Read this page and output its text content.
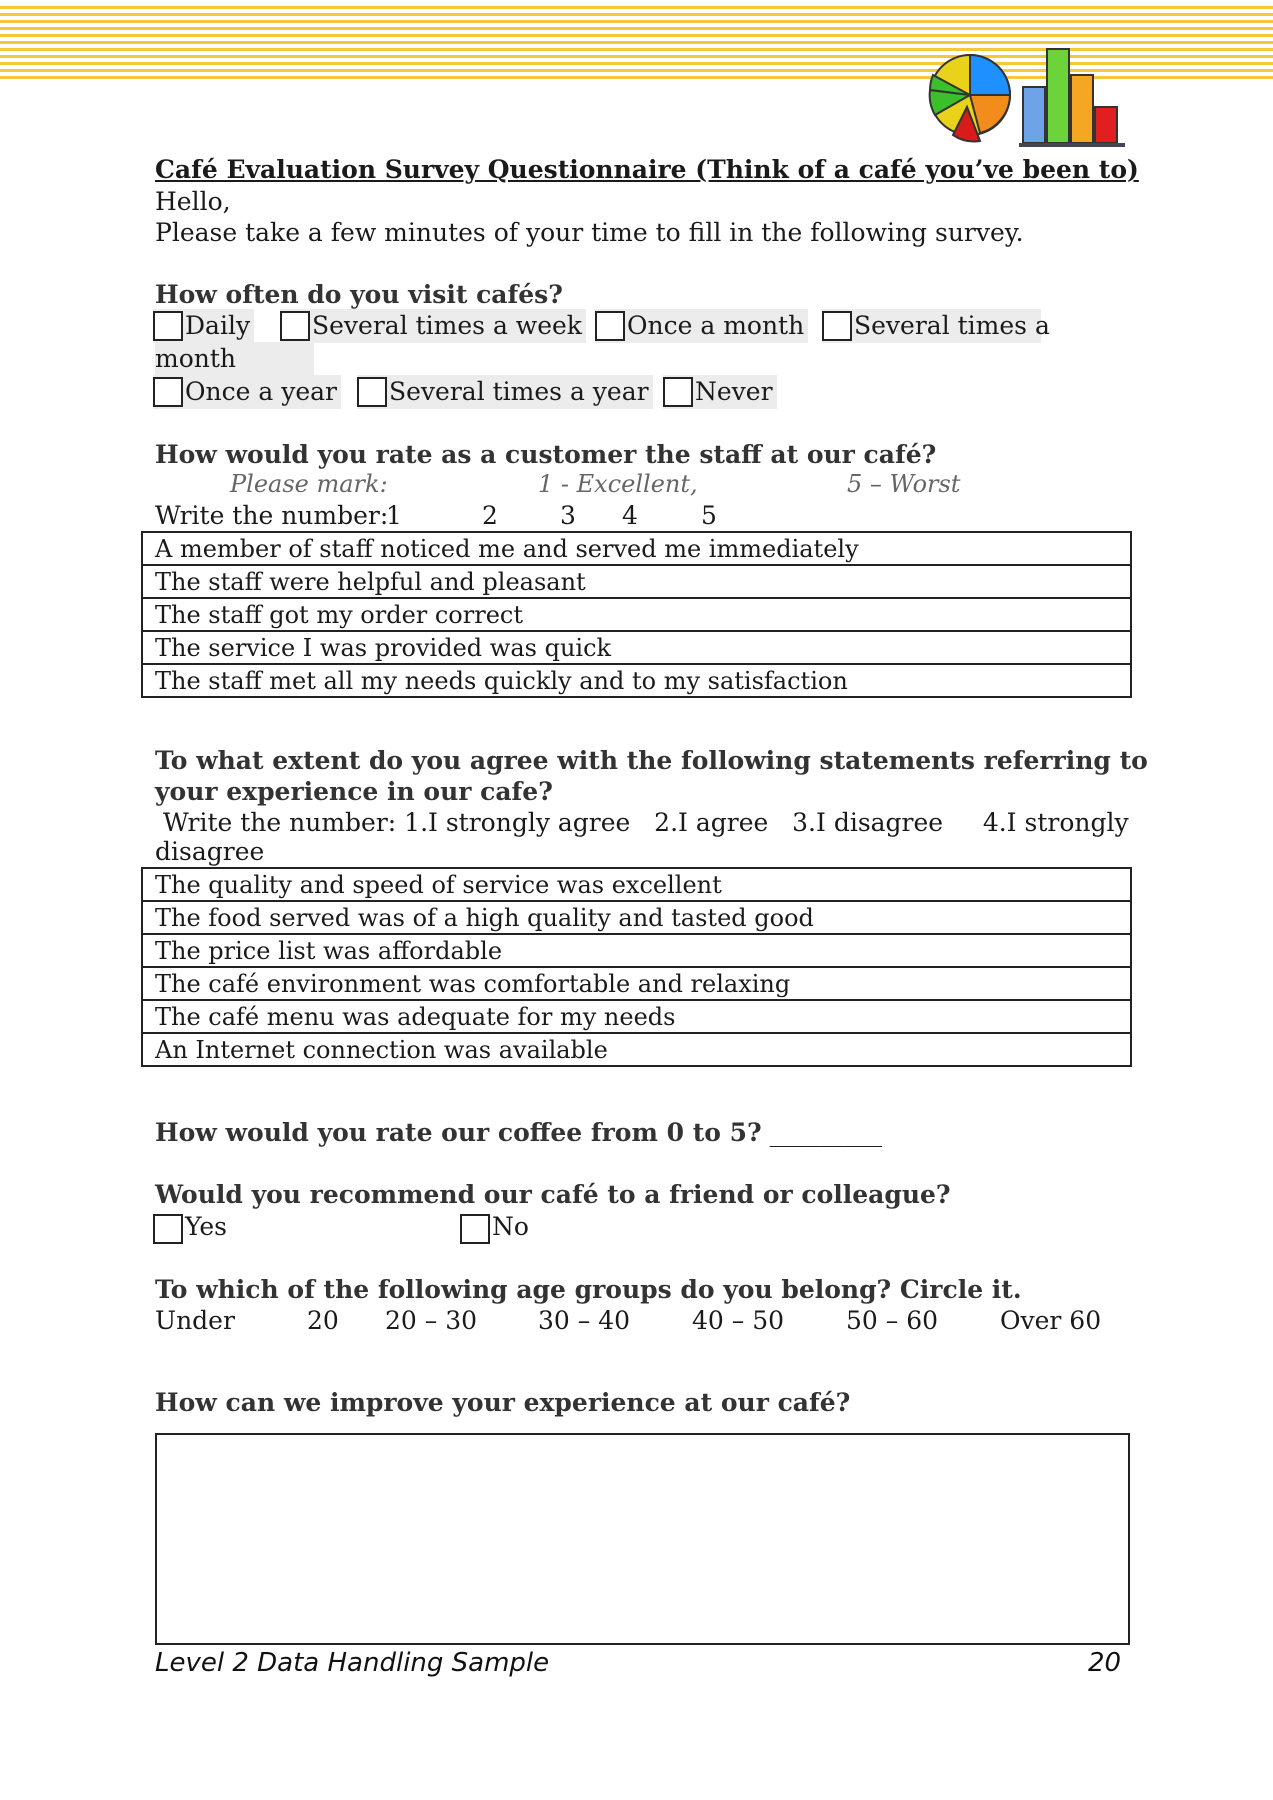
Café Evaluation Survey Questionnaire (Think of a café you’ve been to)
Hello,
Please take a few minutes of your time to fill in the following survey.
How often do you visit cafés?
Daily	Several times a week	Once a month	Several times a
month
Once a year	Several times a year	Never
How would you rate as a customer the staff at our café?
Please mark:	1 - Excellent,	5 – Worst
Write the number:
1	2 3 4	5
A member of staff noticed me and served me immediately
The staff were helpful and pleasant
The staff got my order correct
The service I was provided was quick
The staff met all my needs quickly and to my satisfaction
To what extent do you agree with the following statements referring to
your experience in our cafe?
Write the number: 1.I strongly agree   2.I agree   3.I disagree     4.I strongly
disagree
The quality and speed of service was excellent
The food served was of a high quality and tasted good
The price list was affordable
The café environment was comfortable and relaxing
The café menu was adequate for my needs
An Internet connection was available
How would you rate our coffee from 0 to 5? _________
Would you recommend our café to a friend or colleague?
Yes	No
To which of the following age groups do you belong? Circle it.
Under	20 20 – 30 30 – 40 40 – 50 50 – 60 Over 60
How can we improve your experience at our café?
Level 2 Data Handling Sample	20
